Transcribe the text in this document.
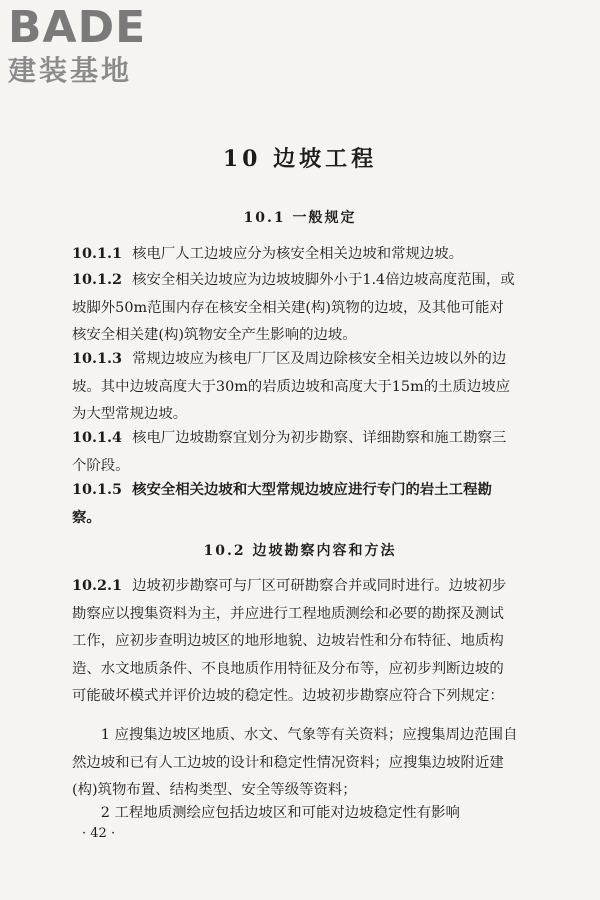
BADE
建装基地
10 边坡工程
10.1 一般规定

10.1.1 核电厂人工边坡应分为核安全相关边坡和常规边坡。

10.1.2 核安全相关边坡应为边坡坡脚外小于1.4倍边坡高度范围，或坡脚外50m范围内存在核安全相关建(构)筑物的边坡，及其他可能对核安全相关建(构)筑物安全产生影响的边坡。

10.1.3 常规边坡应为核电厂厂区及周边除核安全相关边坡以外的边坡。其中边坡高度大于30m的岩质边坡和高度大于15m的土质边坡应为大型常规边坡。

10.1.4 核电厂边坡勘察宜划分为初步勘察、详细勘察和施工勘察三个阶段。

10.1.5 核安全相关边坡和大型常规边坡应进行专门的岩土工程勘察。

10.2 边坡勘察内容和方法

10.2.1 边坡初步勘察可与厂区可研勘察合并或同时进行。边坡初步勘察应以搜集资料为主，并应进行工程地质测绘和必要的勘探及测试工作，应初步查明边坡区的地形地貌、边坡岩性和分布特征、地质构造、水文地质条件、不良地质作用特征及分布等，应初步判断边坡的可能破坏模式并评价边坡的稳定性。边坡初步勘察应符合下列规定：

1 应搜集边坡区地质、水文、气象等有关资料；应搜集周边范围自然边坡和已有人工边坡的设计和稳定性情况资料；应搜集边坡附近建(构)筑物布置、结构类型、安全等级等资料；

2 工程地质测绘应包括边坡区和可能对边坡稳定性有影响

· 42 ·
